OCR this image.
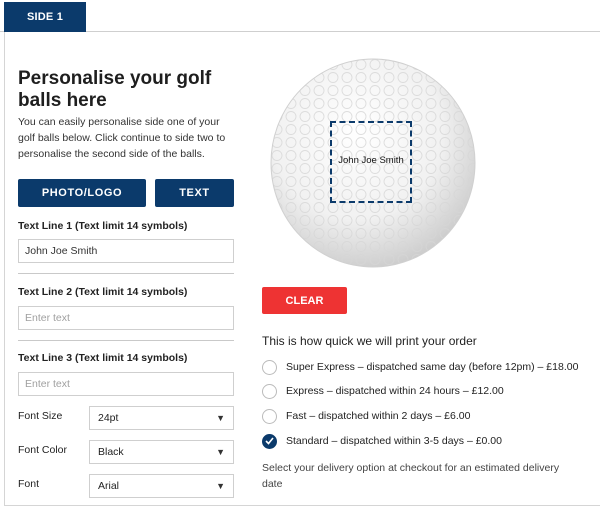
SIDE 1
Personalise your golf balls here
You can easily personalise side one of your golf balls below. Click continue to side two to personalise the second side of the balls.
PHOTO/LOGO	TEXT
Text Line 1 (Text limit 14 symbols)
John Joe Smith
Text Line 2 (Text limit 14 symbols)
Enter text
Text Line 3 (Text limit 14 symbols)
Enter text
Font Size	24pt	▼
Font Color	Black	▼
Font	Arial	▼
John Joe Smith
CLEAR
This is how quick we will print your order
Super Express – dispatched same day (before 12pm) – £18.00
Express – dispatched within 24 hours – £12.00
Fast – dispatched within 2 days – £6.00
Standard – dispatched within 3-5 days – £0.00
Select your delivery option at checkout for an estimated delivery date
